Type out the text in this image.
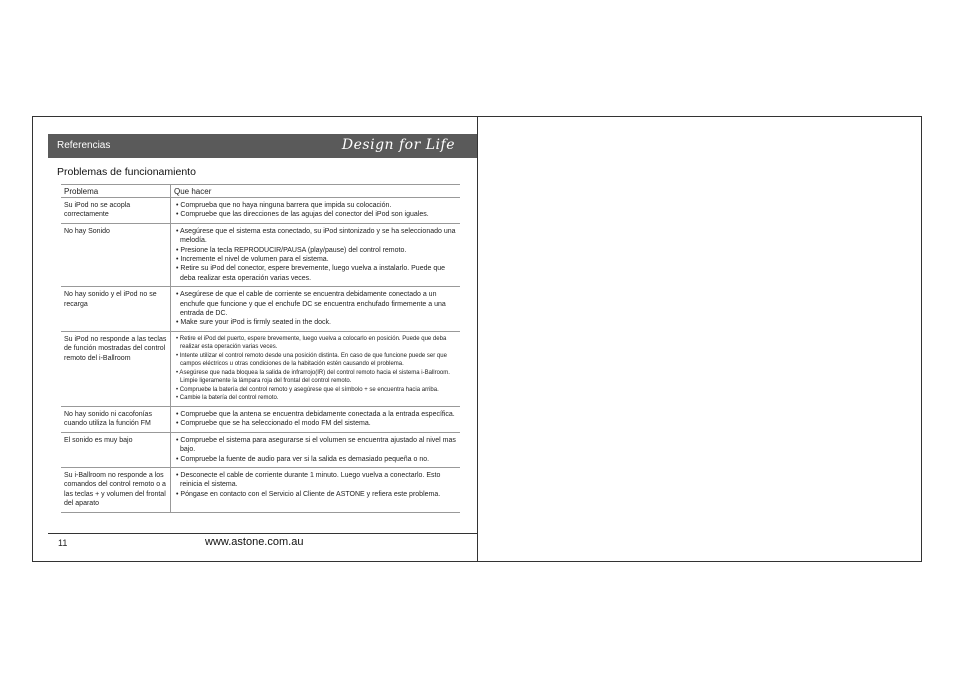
Referencias	Design for Life
Problemas de funcionamiento
Problema	Que hacer
Su iPod no se acopla correctamente	• Comprueba que no haya ninguna barrera que impida su colocación.
• Compruebe que las direcciones de las agujas del conector del iPod son iguales.

No hay Sonido	• Asegúrese que el sistema esta conectado, su iPod sintonizado y se ha seleccionado una melodía.
• Presione la tecla REPRODUCIR/PAUSA (play/pause) del control remoto.
• Incremente el nivel de volumen para el sistema.
• Retire su iPod del conector, espere brevemente, luego vuelva a instalarlo. Puede que deba realizar esta operación varias veces.

No hay sonido y el iPod no se recarga	• Asegúrese de que el cable de corriente se encuentra debidamente conectado a un enchufe que funcione y que el enchufe DC se encuentra enchufado firmemente a una entrada de DC.
• Make sure your iPod is firmly seated in the dock.

Su iPod no responde a las teclas de función mostradas del control remoto del i-Ballroom	• Retire el iPod del puerto, espere brevemente, luego vuelva a colocarlo en posición. Puede que deba realizar esta operación varias veces.
• Intente utilizar el control remoto desde una posición distinta. En caso de que funcione puede ser que campos eléctricos u otras condiciones de la habitación estén causando el problema.
• Asegúrese que nada bloquea la salida de infrarrojo(IR) del control remoto hacia el sistema i-Ballroom. Limpie ligeramente la lámpara roja del frontal del control remoto.
• Compruebe la batería del control remoto y asegúrese que el símbolo + se encuentra hacia arriba.
• Cambie la batería del control remoto.

No hay sonido ni cacofonías cuando utiliza la función FM	• Compruebe que la antena se encuentra debidamente conectada a la entrada específica.
• Compruebe que se ha seleccionado el modo FM del sistema.

El sonido es muy bajo	• Compruebe el sistema para asegurarse si el volumen se encuentra ajustado al nivel mas bajo.
• Compruebe la fuente de audio para ver si la salida es demasiado pequeña o no.

Su i-Ballroom no responde a los comandos del control remoto o a las teclas + y volumen del frontal del aparato	• Desconecte el cable de corriente durante 1 minuto. Luego vuelva a conectarlo. Esto reinicia el sistema.
• Póngase en contacto con el Servicio al Cliente de ASTONE y refiera este problema.
11	www.astone.com.au
